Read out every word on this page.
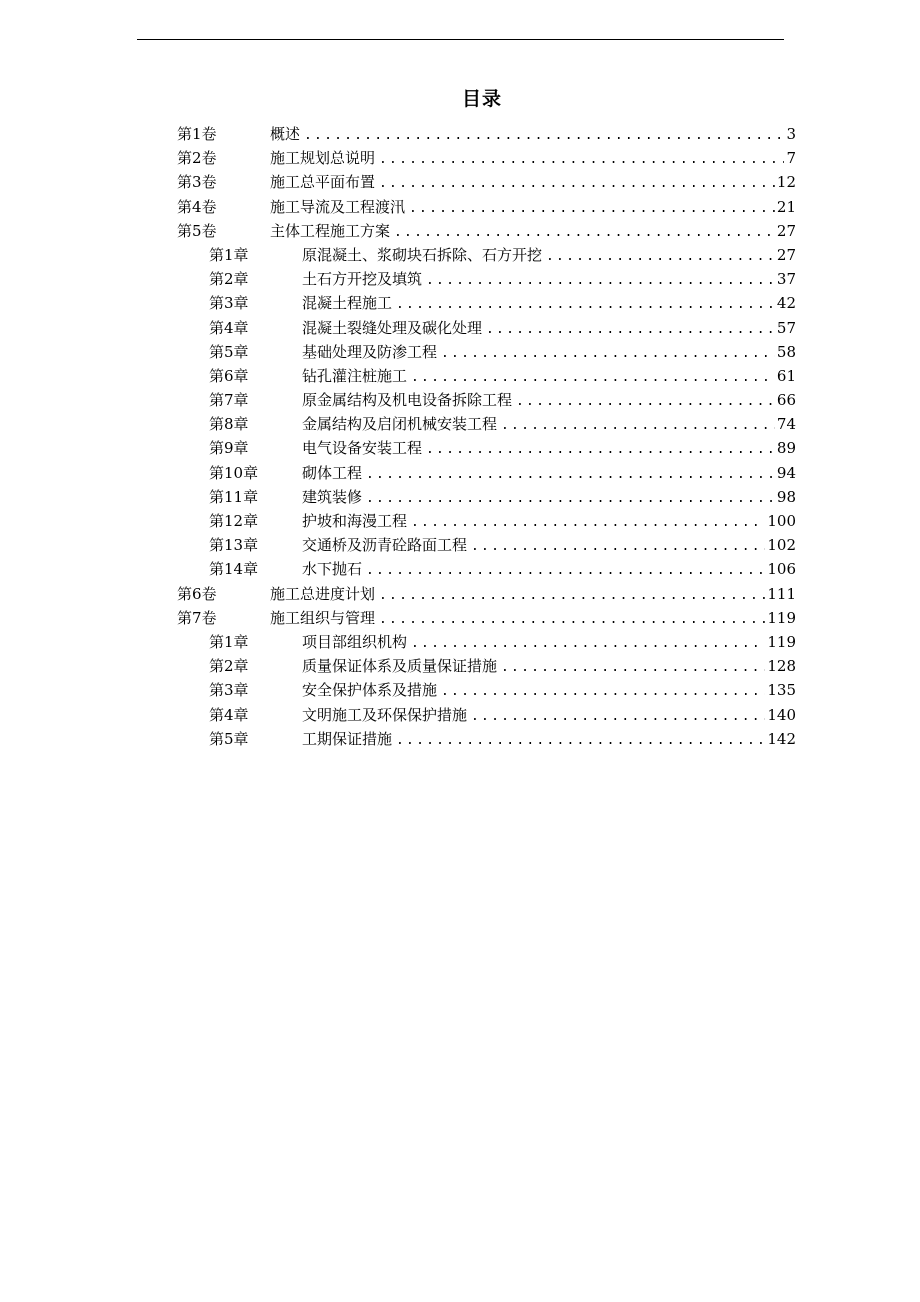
目录
第1卷	概述 .....	3
第2卷	施工规划总说明 .....	7
第3卷	施工总平面布置 .....	12
第4卷	施工导流及工程渡汛 .....	21
第5卷	主体工程施工方案 .....	27
第1章	原混凝土、浆砌块石拆除、石方开挖 .....	27
第2章	土石方开挖及填筑 .....	37
第3章	混凝土程施工 .....	42
第4章	混凝土裂缝处理及碳化处理 .....	57
第5章	基础处理及防渗工程 .....	58
第6章	钻孔灌注桩施工 .....	61
第7章	原金属结构及机电设备拆除工程 .....	66
第8章	金属结构及启闭机械安装工程 .....	74
第9章	电气设备安装工程 .....	89
第10章	砌体工程 .....	94
第11章	建筑装修 .....	98
第12章	护坡和海漫工程 .....	100
第13章	交通桥及沥青砼路面工程 .....	102
第14章	水下抛石 .....	106
第6卷	施工总进度计划 .....	111
第7卷	施工组织与管理 .....	119
第1章	项目部组织机构 .....	119
第2章	质量保证体系及质量保证措施 .....	128
第3章	安全保护体系及措施 .....	135
第4章	文明施工及环保保护措施 .....	140
第5章	工期保证措施 .....	142
